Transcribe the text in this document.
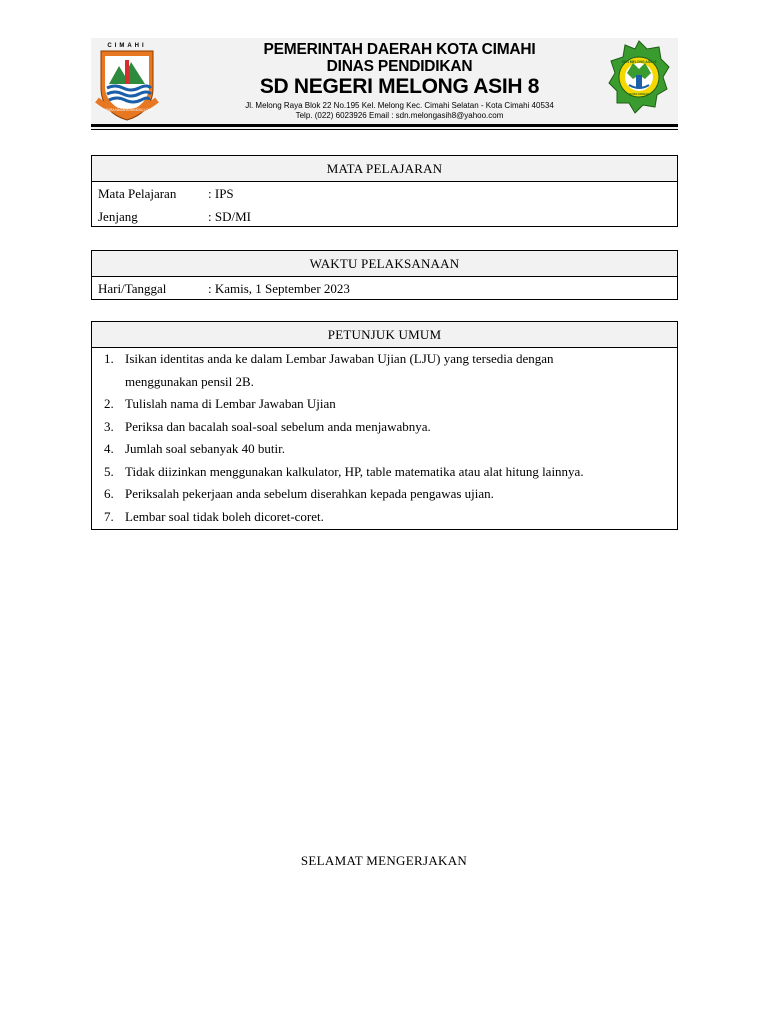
CIMAHI
GAPURA NAGARA MANGKU LOKA
PEMERINTAH DAERAH KOTA CIMAHI
DINAS PENDIDIKAN
SD NEGERI MELONG ASIH 8
Jl. Melong Raya Blok 22 No.195 Kel. Melong Kec. Cimahi Selatan - Kota Cimahi 40534
Telp. (022) 6023926 Email : sdn.melongasih8@yahoo.com
SDN MELONG ASIH 8
KOTA CIMAHI
MATA PELAJARAN
Mata Pelajaran : IPS
Jenjang	: SD/MI
WAKTU PELAKSANAAN
Hari/Tanggal	: Kamis, 1 September 2023
PETUNJUK UMUM
1. Isikan identitas anda ke dalam Lembar Jawaban Ujian (LJU) yang tersedia dengan
menggunakan pensil 2B.
2. Tulislah nama di Lembar Jawaban Ujian
3. Periksa dan bacalah soal-soal sebelum anda menjawabnya.
4. Jumlah soal sebanyak 40 butir.
5. Tidak diizinkan menggunakan kalkulator, HP, table matematika atau alat hitung lainnya.
6. Periksalah pekerjaan anda sebelum diserahkan kepada pengawas ujian.
7. Lembar soal tidak boleh dicoret-coret.
SELAMAT MENGERJAKAN
